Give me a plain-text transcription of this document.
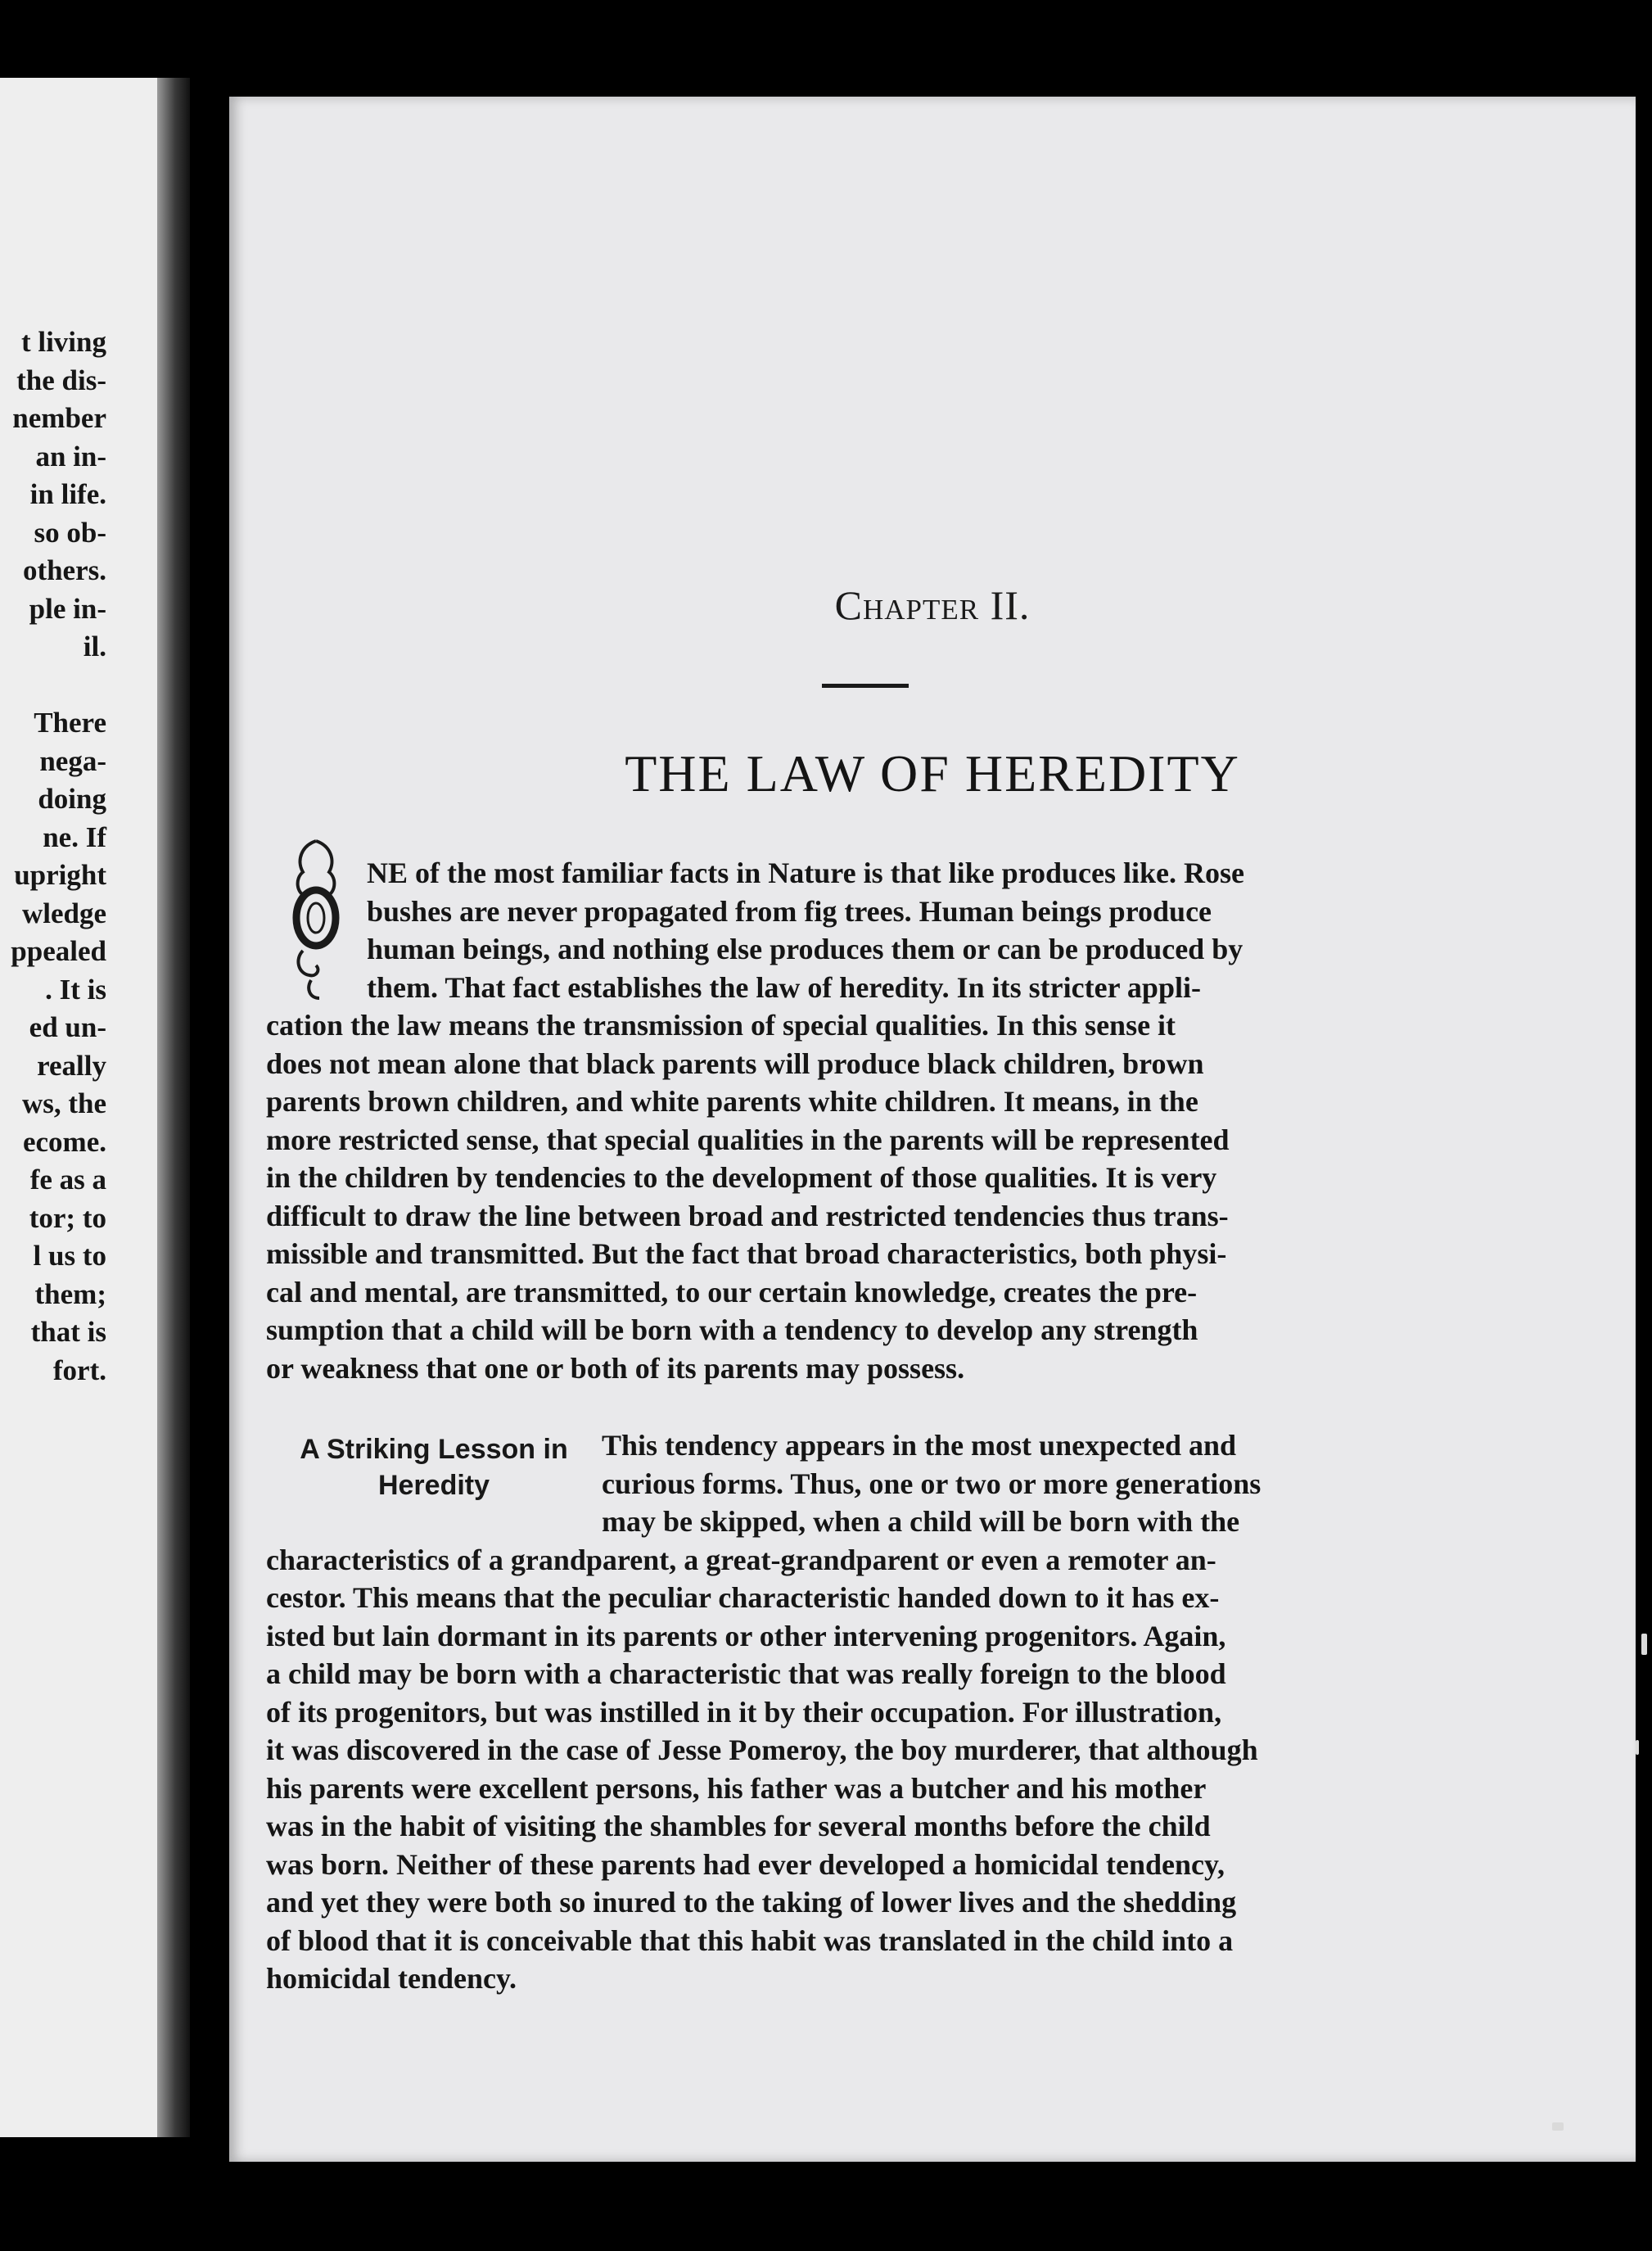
t living
the dis-
nember
an in-
in life.
so ob-
others.
ple in-
il.
There
nega-
doing
ne. If
upright
wledge
ppealed
. It is
ed un-
really
ws, the
ecome.
fe as a
tor; to
l us to
them;
that is
fort.
Chapter II.
THE LAW OF HEREDITY
NE of the most familiar facts in Nature is that like produces like. Rose
bushes are never propagated from fig trees. Human beings produce
human beings, and nothing else produces them or can be produced by
them. That fact establishes the law of heredity. In its stricter appli-
cation the law means the transmission of special qualities. In this sense it
does not mean alone that black parents will produce black children, brown
parents brown children, and white parents white children. It means, in the
more restricted sense, that special qualities in the parents will be represented
in the children by tendencies to the development of those qualities. It is very
difficult to draw the line between broad and restricted tendencies thus trans-
missible and transmitted. But the fact that broad characteristics, both physi-
cal and mental, are transmitted, to our certain knowledge, creates the pre-
sumption that a child will be born with a tendency to develop any strength
or weakness that one or both of its parents may possess.
A Striking Lesson in
Heredity
This tendency appears in the most unexpected and
curious forms. Thus, one or two or more generations
may be skipped, when a child will be born with the
characteristics of a grandparent, a great-grandparent or even a remoter an-
cestor. This means that the peculiar characteristic handed down to it has ex-
isted but lain dormant in its parents or other intervening progenitors. Again,
a child may be born with a characteristic that was really foreign to the blood
of its progenitors, but was instilled in it by their occupation. For illustration,
it was discovered in the case of Jesse Pomeroy, the boy murderer, that although
his parents were excellent persons, his father was a butcher and his mother
was in the habit of visiting the shambles for several months before the child
was born. Neither of these parents had ever developed a homicidal tendency,
and yet they were both so inured to the taking of lower lives and the shedding
of blood that it is conceivable that this habit was translated in the child into a
homicidal tendency.
